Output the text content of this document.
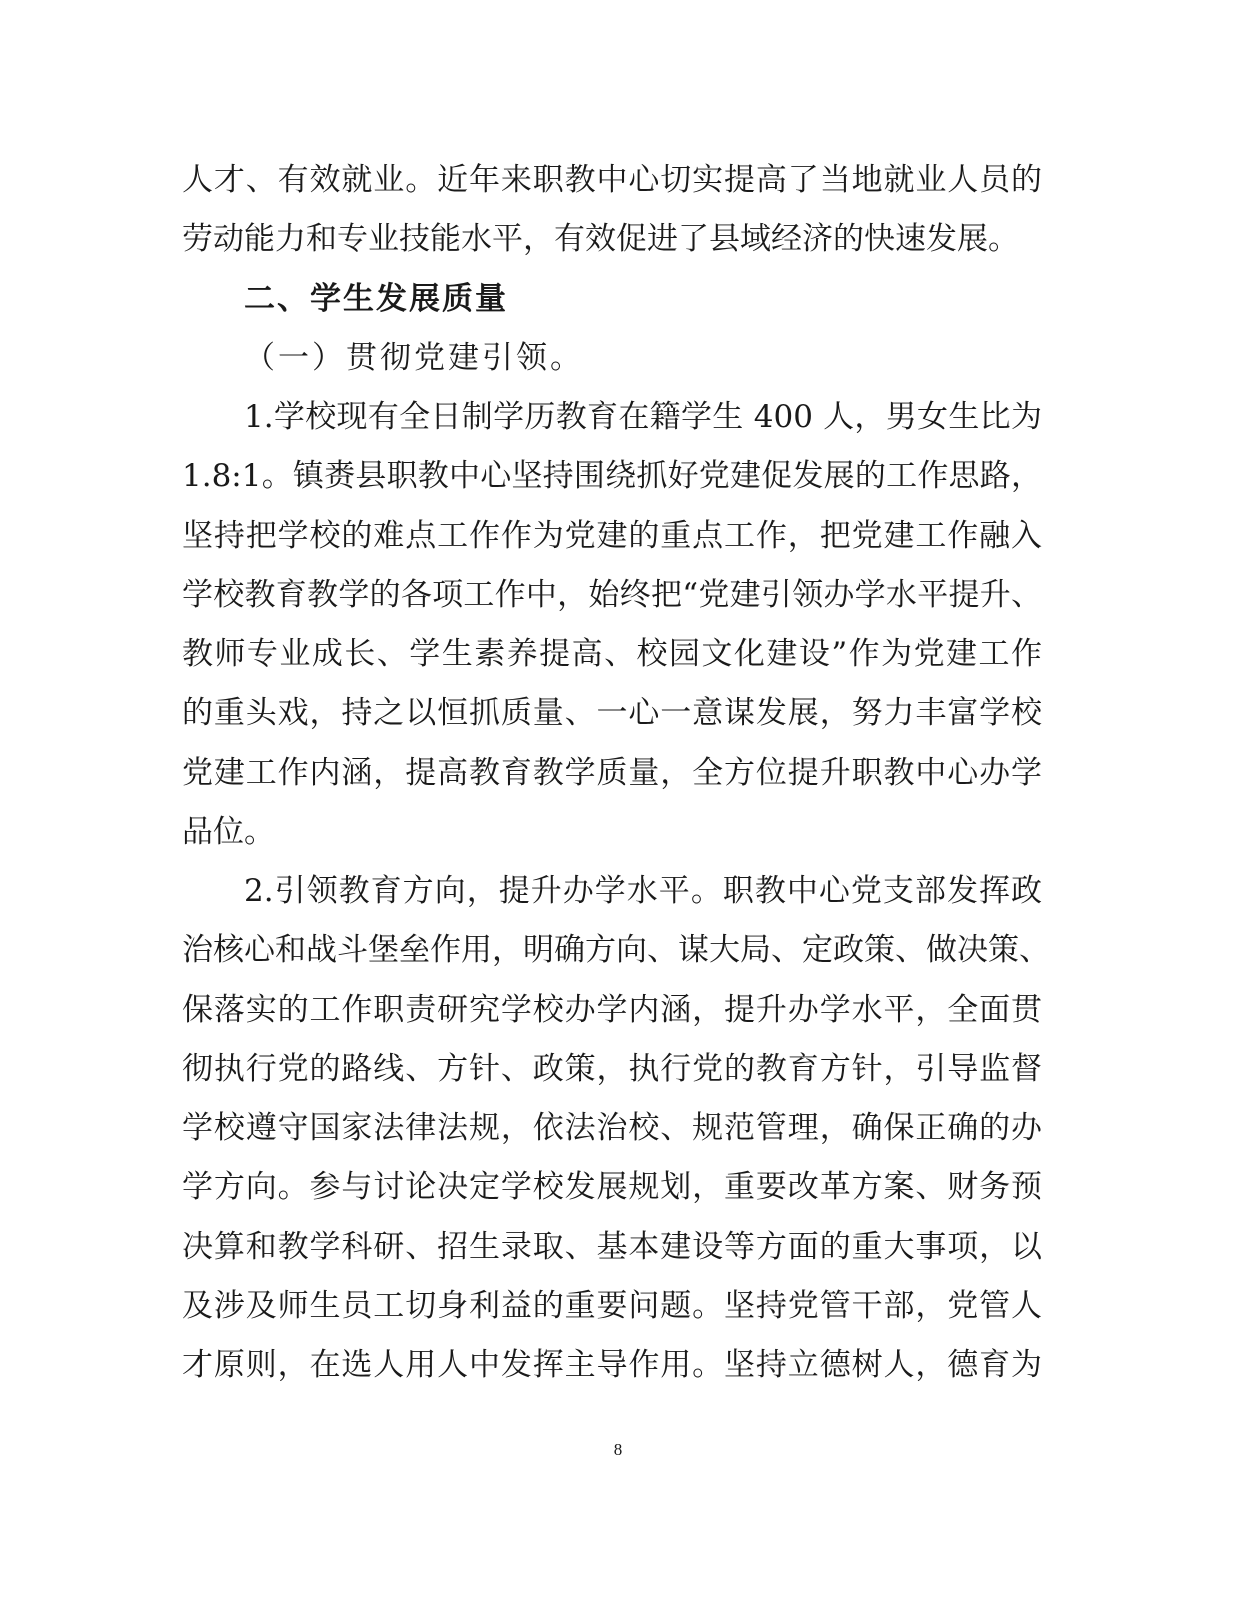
人才、有效就业。近年来职教中心切实提高了当地就业人员的
劳动能力和专业技能水平，有效促进了县域经济的快速发展。
二、学生发展质量
（一）贯彻党建引领。
1.学校现有全日制学历教育在籍学生 400 人，男女生比为
1.8:1。镇赉县职教中心坚持围绕抓好党建促发展的工作思路，
坚持把学校的难点工作作为党建的重点工作，把党建工作融入
学校教育教学的各项工作中，始终把“党建引领办学水平提升、
教师专业成长、学生素养提高、校园文化建设”作为党建工作
的重头戏，持之以恒抓质量、一心一意谋发展，努力丰富学校
党建工作内涵，提高教育教学质量，全方位提升职教中心办学
品位。
2.引领教育方向，提升办学水平。职教中心党支部发挥政
治核心和战斗堡垒作用，明确方向、谋大局、定政策、做决策、
保落实的工作职责研究学校办学内涵，提升办学水平，全面贯
彻执行党的路线、方针、政策，执行党的教育方针，引导监督
学校遵守国家法律法规，依法治校、规范管理，确保正确的办
学方向。参与讨论决定学校发展规划，重要改革方案、财务预
决算和教学科研、招生录取、基本建设等方面的重大事项，以
及涉及师生员工切身利益的重要问题。坚持党管干部，党管人
才原则，在选人用人中发挥主导作用。坚持立德树人，德育为
8
